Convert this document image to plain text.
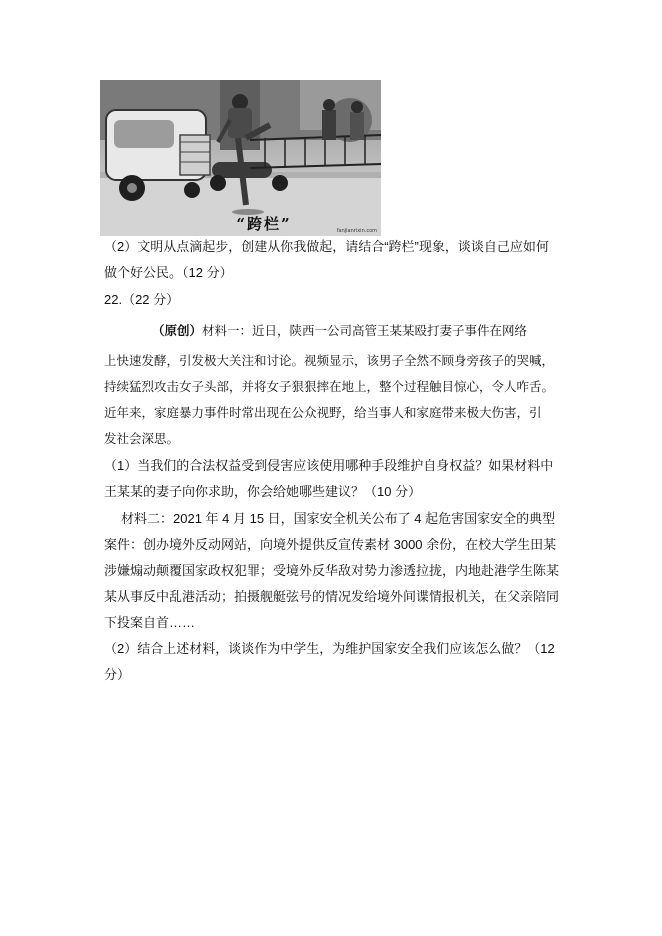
“跨栏”	fanjianrixin.com
（2）文明从点滴起步，创建从你我做起，请结合“跨栏”现象，谈谈自己应如何
做个好公民。（12 分）
22.（22 分）
（原创）材料一：近日，陕西一公司高管王某某殴打妻子事件在网络
上快速发酵，引发极大关注和讨论。视频显示，该男子全然不顾身旁孩子的哭喊，
持续猛烈攻击女子头部，并将女子狠狠摔在地上，整个过程触目惊心，令人咋舌。
近年来，家庭暴力事件时常出现在公众视野，给当事人和家庭带来极大伤害，引
发社会深思。
（1）当我们的合法权益受到侵害应该使用哪种手段维护自身权益？如果材料中
王某某的妻子向你求助，你会给她哪些建议？（10 分）
材料二：2021 年 4 月 15 日，国家安全机关公布了 4 起危害国家安全的典型
案件：创办境外反动网站，向境外提供反宣传素材 3000 余份，在校大学生田某
涉嫌煽动颠覆国家政权犯罪；受境外反华敌对势力渗透拉拢，内地赴港学生陈某
某从事反中乱港活动；拍摄舰艇弦号的情况发给境外间谍情报机关，在父亲陪同
下投案自首……
（2）结合上述材料，谈谈作为中学生，为维护国家安全我们应该怎么做？（12
分）
